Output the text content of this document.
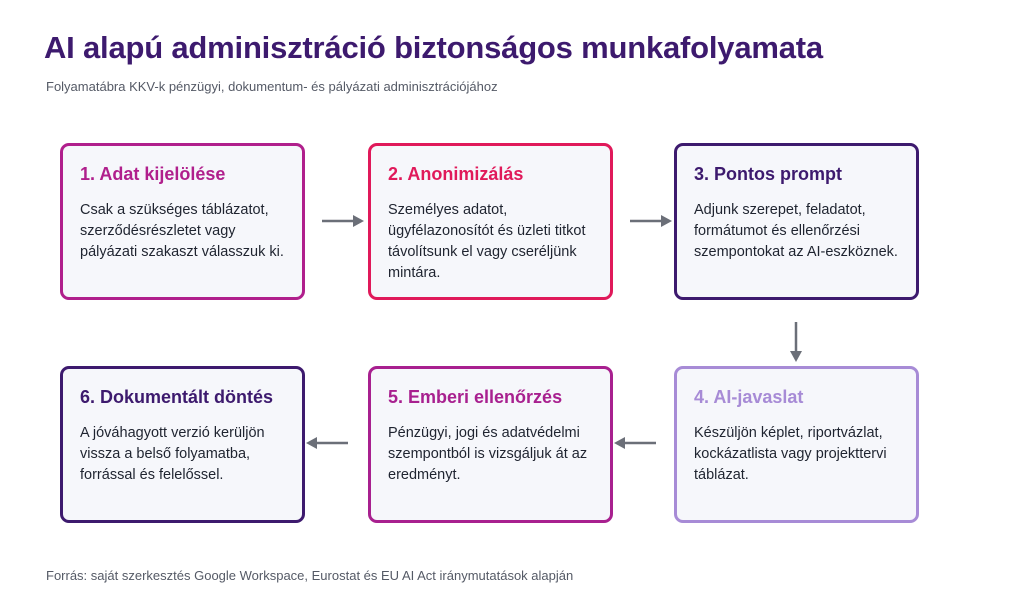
AI alapú adminisztráció biztonságos munkafolyamata
Folyamatábra KKV-k pénzügyi, dokumentum- és pályázati adminisztrációjához
1. Adat kijelölése
Csak a szükséges táblázatot, szerződésrészletet vagy pályázati szakaszt válasszuk ki.
2. Anonimizálás
Személyes adatot, ügyfélazonosítót és üzleti titkot távolítsunk el vagy cseréljünk mintára.
3. Pontos prompt
Adjunk szerepet, feladatot, formátumot és ellenőrzési szempontokat az AI-eszköznek.
6. Dokumentált döntés
A jóváhagyott verzió kerüljön vissza a belső folyamatba, forrással és felelőssel.
5. Emberi ellenőrzés
Pénzügyi, jogi és adatvédelmi szempontból is vizsgáljuk át az eredményt.
4. AI-javaslat
Készüljön képlet, riportvázlat, kockázatlista vagy projekttervi táblázat.
Forrás: saját szerkesztés Google Workspace, Eurostat és EU AI Act iránymutatások alapján
